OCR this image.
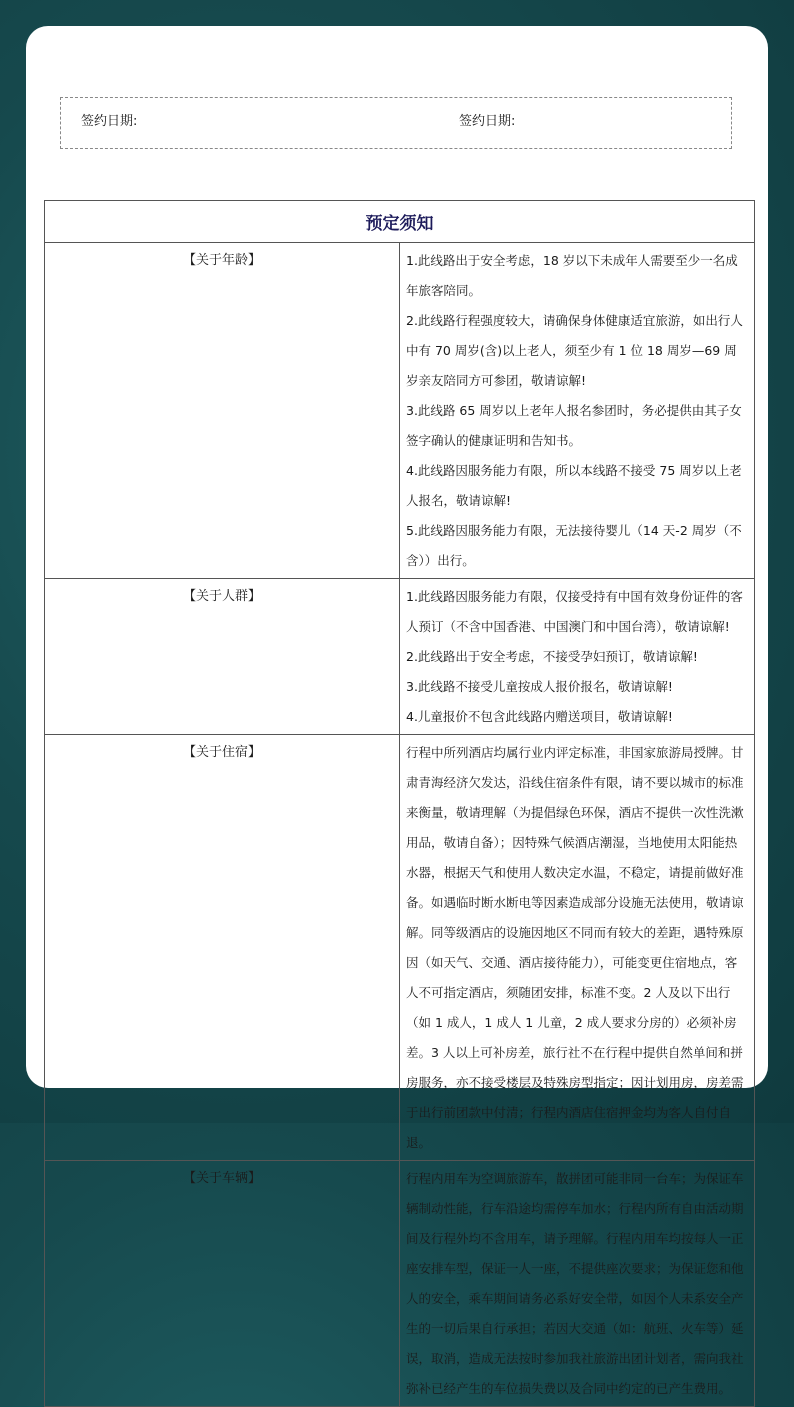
签约日期:	签约日期:
预定须知	
【关于年龄】	1.此线路出于安全考虑，18 岁以下未成年人需要至少一名成年旅客陪同。

2.此线路行程强度较大，请确保身体健康适宜旅游，如出行人中有 70 周岁(含)以上老人，须至少有 1 位 18 周岁—69 周岁亲友陪同方可参团，敬请谅解!

3.此线路 65 周岁以上老年人报名参团时，务必提供由其子女签字确认的健康证明和告知书。

4.此线路因服务能力有限，所以本线路不接受 75 周岁以上老人报名，敬请谅解!

5.此线路因服务能力有限，无法接待婴儿（14 天-2 周岁（不含））出行。

【关于人群】	1.此线路因服务能力有限，仅接受持有中国有效身份证件的客人预订（不含中国香港、中国澳门和中国台湾），敬请谅解!

2.此线路出于安全考虑，不接受孕妇预订，敬请谅解!

3.此线路不接受儿童按成人报价报名，敬请谅解!

4.儿童报价不包含此线路内赠送项目，敬请谅解!

【关于住宿】	行程中所列酒店均属行业内评定标准，非国家旅游局授牌。甘肃青海经济欠发达，沿线住宿条件有限，请不要以城市的标准来衡量，敬请理解（为提倡绿色环保，酒店不提供一次性洗漱用品，敬请自备）；因特殊气候酒店潮湿，当地使用太阳能热水器，根据天气和使用人数决定水温，不稳定，请提前做好准备。如遇临时断水断电等因素造成部分设施无法使用，敬请谅解。同等级酒店的设施因地区不同而有较大的差距，遇特殊原因（如天气、交通、酒店接待能力），可能变更住宿地点，客人不可指定酒店，须随团安排，标准不变。2 人及以下出行（如 1 成人，1 成人 1 儿童，2 成人要求分房的）必须补房差。3 人以上可补房差，旅行社不在行程中提供自然单间和拼房服务，亦不接受楼层及特殊房型指定；因计划用房，房差需于出行前团款中付清；行程内酒店住宿押金均为客人自付自退。

【关于车辆】	行程内用车为空调旅游车，散拼团可能非同一台车；为保证车辆制动性能，行车沿途均需停车加水；行程内所有自由活动期间及行程外均不含用车，请予理解。行程内用车均按每人一正座安排车型，保证一人一座，不提供座次要求；为保证您和他人的安全，乘车期间请务必系好安全带，如因个人未系安全产生的一切后果自行承担；若因大交通（如：航班、火车等）延误，取消，造成无法按时参加我社旅游出团计划者，需向我社弥补已经产生的车位损失费以及合同中约定的已产生费用。
